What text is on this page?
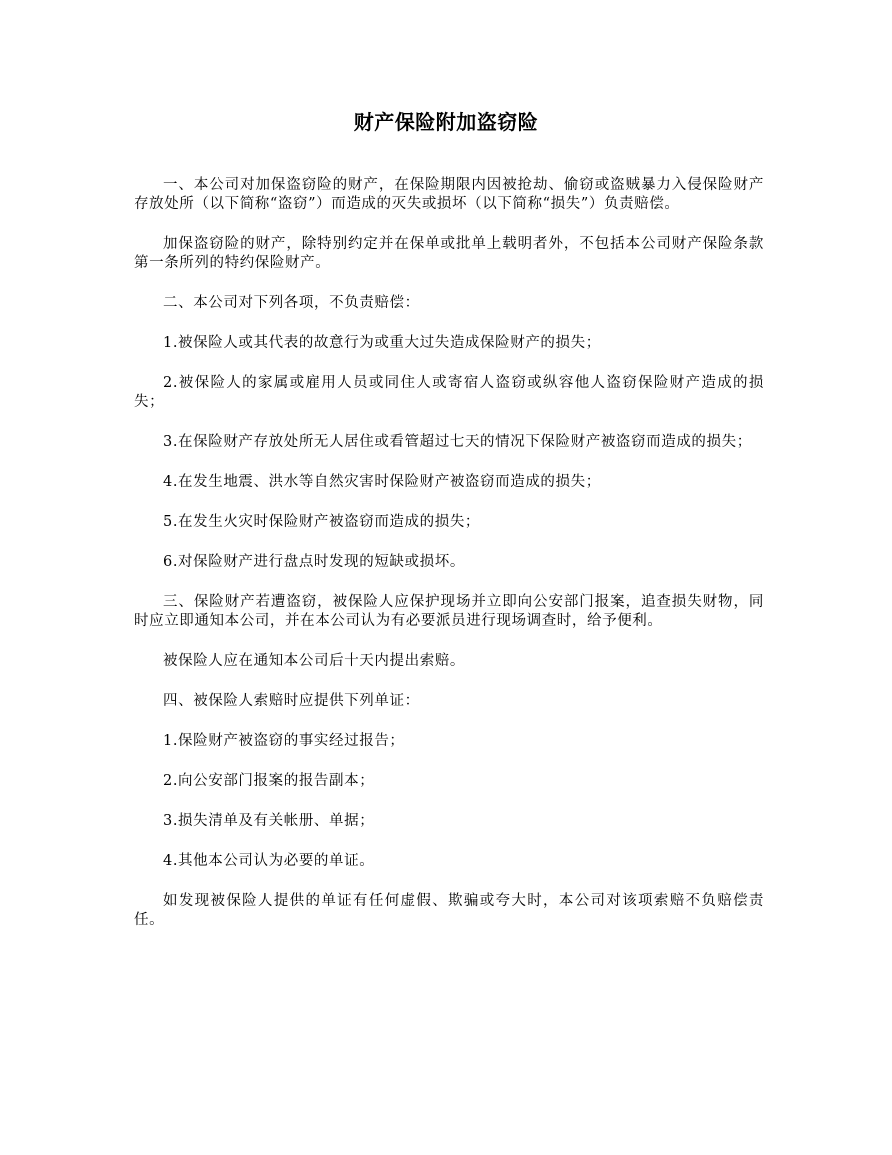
财产保险附加盗窃险

一、本公司对加保盗窃险的财产，在保险期限内因被抢劫、偷窃或盗贼暴力入侵保险财产存放处所（以下简称“盗窃”）而造成的灭失或损坏（以下简称“损失”）负责赔偿。

加保盗窃险的财产，除特别约定并在保单或批单上载明者外，不包括本公司财产保险条款第一条所列的特约保险财产。

二、本公司对下列各项，不负责赔偿：

1.被保险人或其代表的故意行为或重大过失造成保险财产的损失；

2.被保险人的家属或雇用人员或同住人或寄宿人盗窃或纵容他人盗窃保险财产造成的损失；

3.在保险财产存放处所无人居住或看管超过七天的情况下保险财产被盗窃而造成的损失；

4.在发生地震、洪水等自然灾害时保险财产被盗窃而造成的损失；

5.在发生火灾时保险财产被盗窃而造成的损失；

6.对保险财产进行盘点时发现的短缺或损坏。

三、保险财产若遭盗窃，被保险人应保护现场并立即向公安部门报案，追查损失财物，同时应立即通知本公司，并在本公司认为有必要派员进行现场调查时，给予便利。

被保险人应在通知本公司后十天内提出索赔。

四、被保险人索赔时应提供下列单证：

1.保险财产被盗窃的事实经过报告；

2.向公安部门报案的报告副本；

3.损失清单及有关帐册、单据；

4.其他本公司认为必要的单证。

如发现被保险人提供的单证有任何虚假、欺骗或夸大时，本公司对该项索赔不负赔偿责任。
